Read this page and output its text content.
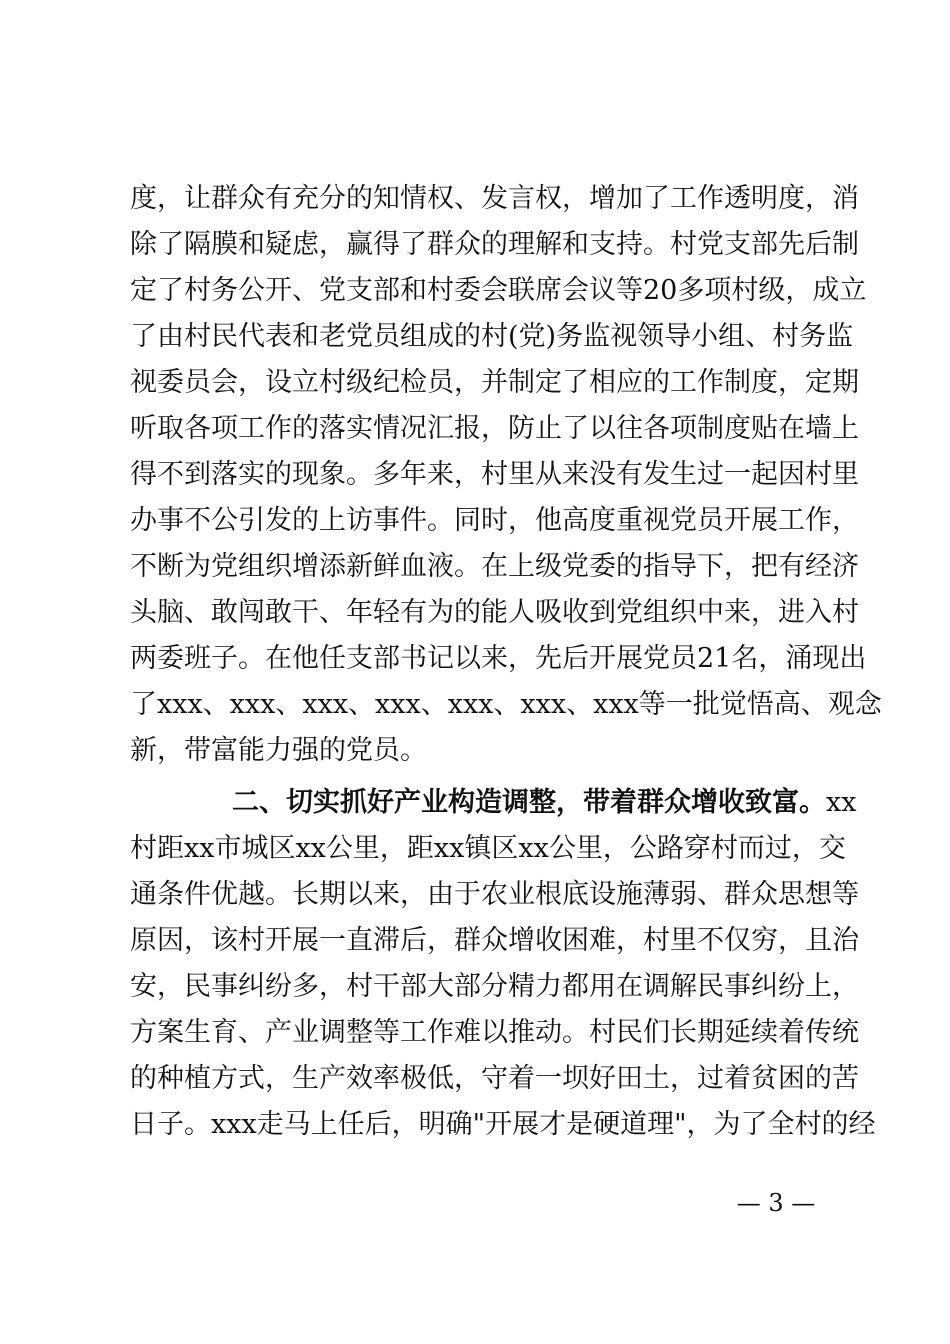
度，让群众有充分的知情权、发言权，增加了工作透明度，消
除了隔膜和疑虑，赢得了群众的理解和支持。村党支部先后制
定了村务公开、党支部和村委会联席会议等20多项村级，成立
了由村民代表和老党员组成的村(党)务监视领导小组、村务监
视委员会，设立村级纪检员，并制定了相应的工作制度，定期
听取各项工作的落实情况汇报，防止了以往各项制度贴在墙上
得不到落实的现象。多年来，村里从来没有发生过一起因村里
办事不公引发的上访事件。同时，他高度重视党员开展工作，
不断为党组织增添新鲜血液。在上级党委的指导下，把有经济
头脑、敢闯敢干、年轻有为的能人吸收到党组织中来，进入村
两委班子。在他任支部书记以来，先后开展党员21名，涌现出
了xxx、xxx、xxx、xxx、xxx、xxx、xxx等一批觉悟高、观念
新，带富能力强的党员。
二、切实抓好产业构造调整，带着群众增收致富。xx
村距xx市城区xx公里，距xx镇区xx公里，公路穿村而过，交
通条件优越。长期以来，由于农业根底设施薄弱、群众思想等
原因，该村开展一直滞后，群众增收困难，村里不仅穷，且治
安，民事纠纷多，村干部大部分精力都用在调解民事纠纷上，
方案生育、产业调整等工作难以推动。村民们长期延续着传统
的种植方式，生产效率极低，守着一坝好田土，过着贫困的苦
日子。xxx走马上任后，明确"开展才是硬道理"，为了全村的经
— 3 —
